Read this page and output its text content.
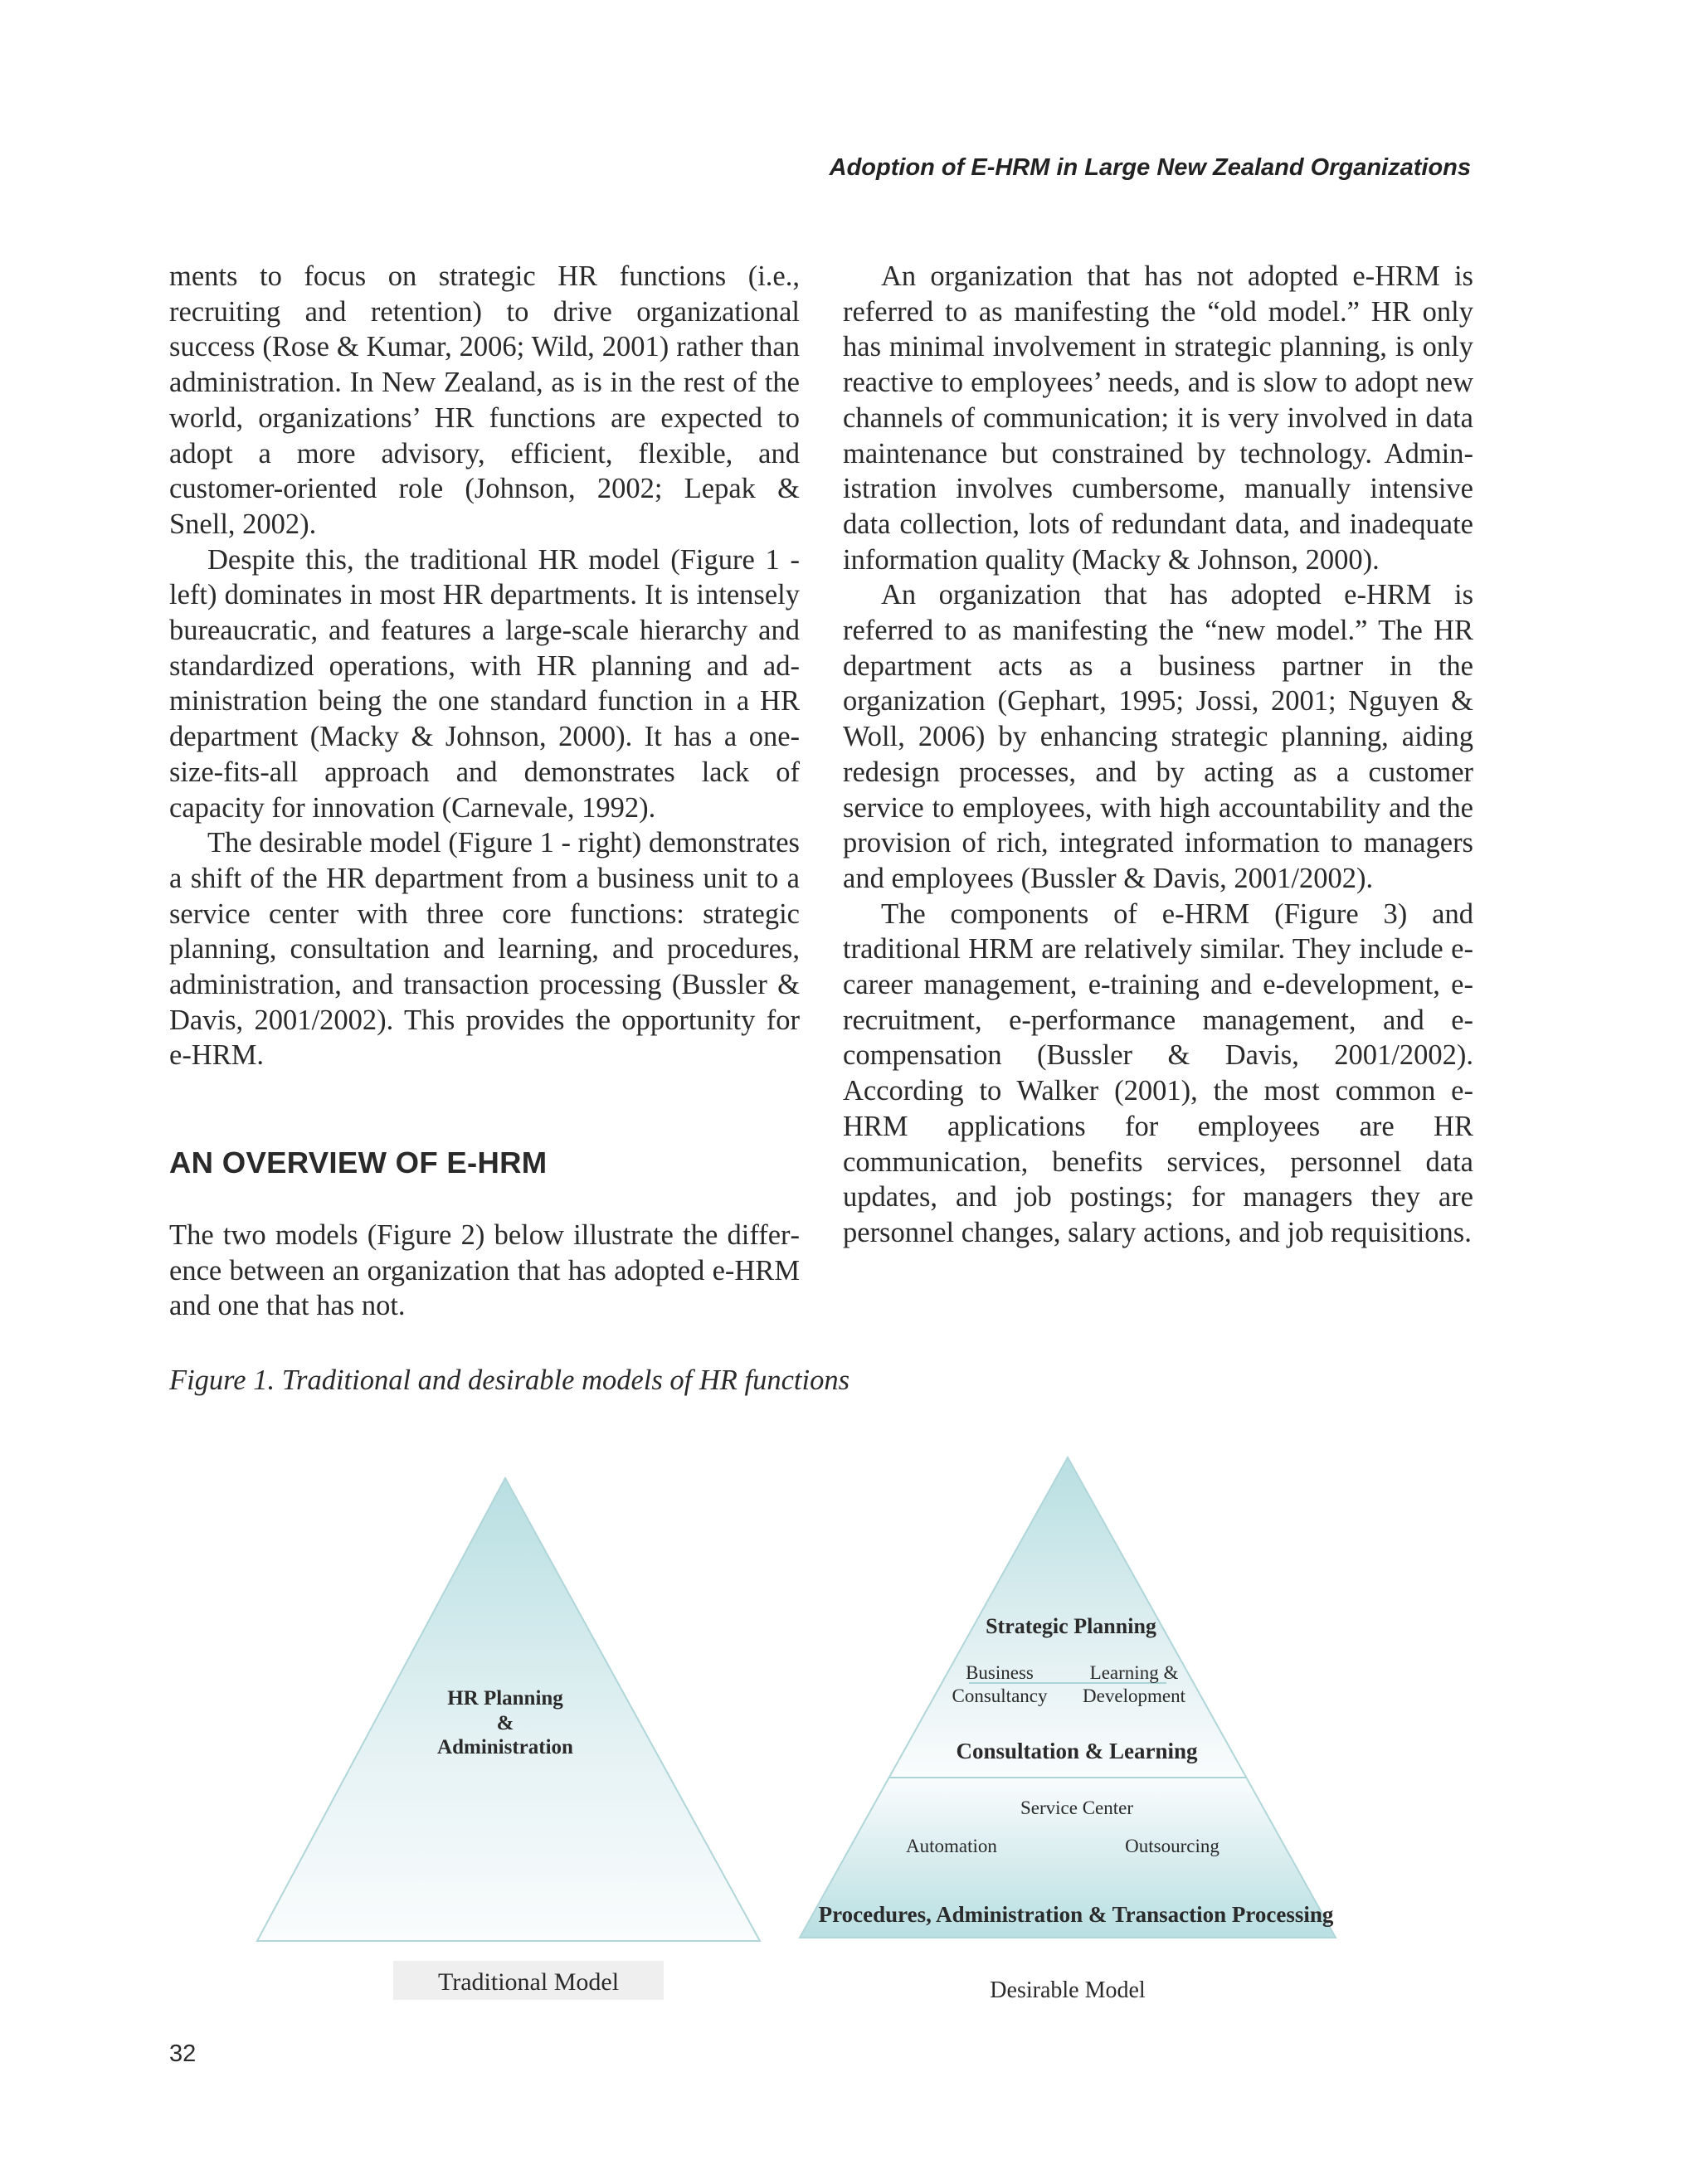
Adoption of E-HRM in Large New Zealand Organizations

ments to focus on strategic HR functions (i.e., recruiting and retention) to drive organizational success (Rose & Kumar, 2006; Wild, 2001) rather than administration. In New Zealand, as is in the rest of the world, organizations’ HR functions are expected to adopt a more advisory, efficient, flexible, and customer-oriented role (Johnson, 2002; Lepak & Snell, 2002).

Despite this, the traditional HR model (Figure 1 - left) dominates in most HR departments. It is intensely bureaucratic, and features a large-scale hierarchy and standardized operations, with HR planning and administration being the one standard function in a HR department (Macky & Johnson, 2000). It has a one-size-fits-all approach and demonstrates lack of capacity for innovation (Carnevale, 1992).

The desirable model (Figure 1 - right) demonstrates a shift of the HR department from a business unit to a service center with three core functions: strategic planning, consultation and learning, and procedures, administration, and transaction processing (Bussler & Davis, 2001/2002). This provides the opportunity for e-HRM.

AN OVERVIEW OF E-HRM

The two models (Figure 2) below illustrate the difference between an organization that has adopted e-HRM and one that has not.

An organization that has not adopted e-HRM is referred to as manifesting the “old model.” HR only has minimal involvement in strategic planning, is only reactive to employees’ needs, and is slow to adopt new channels of communication; it is very involved in data maintenance but constrained by technology. Administration involves cumbersome, manually intensive data collection, lots of redundant data, and inadequate information quality (Macky & Johnson, 2000).

An organization that has adopted e-HRM is referred to as manifesting the “new model.” The HR department acts as a business partner in the organization (Gephart, 1995; Jossi, 2001; Nguyen & Woll, 2006) by enhancing strategic planning, aiding redesign processes, and by acting as a customer service to employees, with high accountability and the provision of rich, integrated information to managers and employees (Bussler & Davis, 2001/2002).

The components of e-HRM (Figure 3) and traditional HRM are relatively similar. They include e-career management, e-training and e-development, e-recruitment, e-performance management, and e-compensation (Bussler & Davis, 2001/2002). According to Walker (2001), the most common e-HRM applications for employees are HR communication, benefits services, personnel data updates, and job postings; for managers they are personnel changes, salary actions, and job requisitions.

Figure 1. Traditional and desirable models of HR functions
HR Planning
&
Administration
Traditional Model
Strategic Planning
Business
Consultancy
Learning &
Development
Consultation & Learning
Service Center
Automation	Outsourcing
Procedures, Administration & Transaction Processing
Desirable Model
32
